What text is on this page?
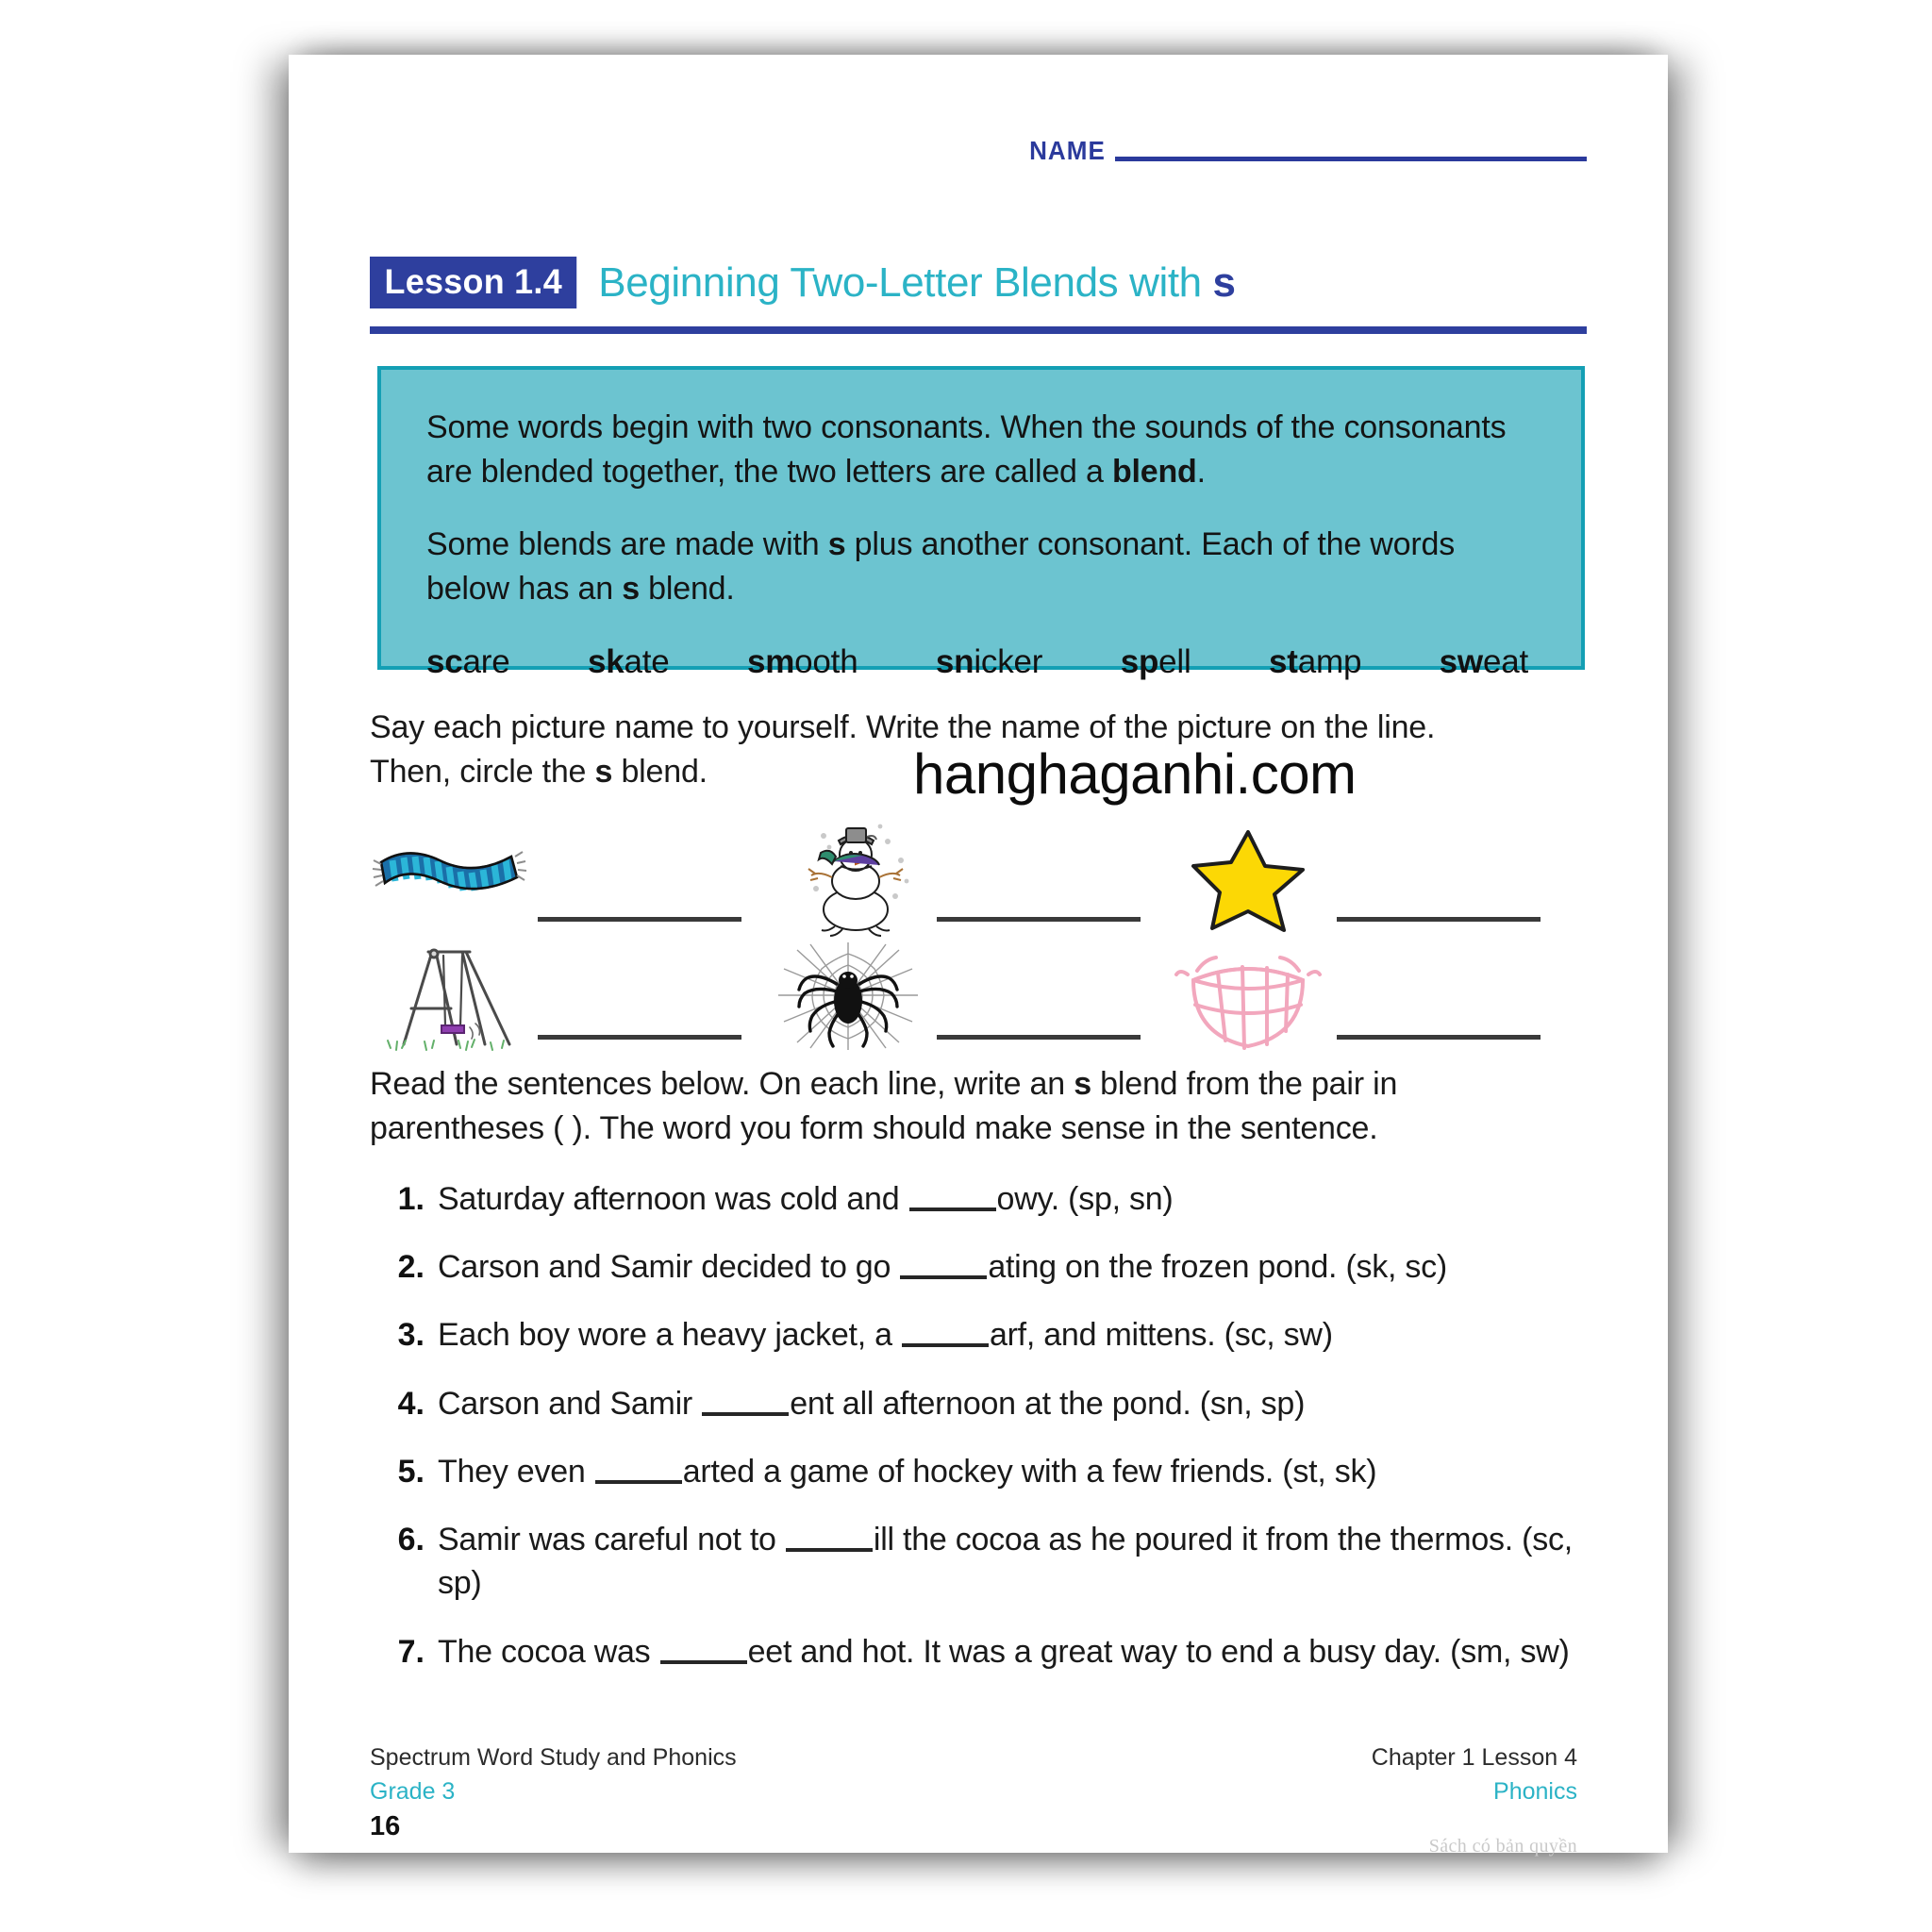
NAME
Lesson 1.4 Beginning Two-Letter Blends with s

Some words begin with two consonants. When the sounds of the consonants are blended together, the two letters are called a blend.

Some blends are made with s plus another consonant. Each of the words below has an s blend.

scare skate smooth snicker spell stamp sweat

Say each picture name to yourself. Write the name of the picture on the line. Then, circle the s blend.	hanghaganhi.com

Read the sentences below. On each line, write an s blend from the pair in parentheses ( ). The word you form should make sense in the sentence.

1. Saturday afternoon was cold and	owy. (sp, sn)
2. Carson and Samir decided to go	ating on the frozen pond. (sk, sc)
3. Each boy wore a heavy jacket, a	arf, and mittens. (sc, sw)
4. Carson and Samir	ent all afternoon at the pond. (sn, sp)
5. They even	arted a game of hockey with a few friends. (st, sk)
6. Samir was careful not to	ill the cocoa as he poured it from the thermos. (sc, sp)
7. The cocoa was	eet and hot. It was a great way to end a busy day. (sm, sw)
Spectrum Word Study and Phonics
Grade 3
Chapter 1 Lesson 4
Phonics
16
Sách có bản quyền
